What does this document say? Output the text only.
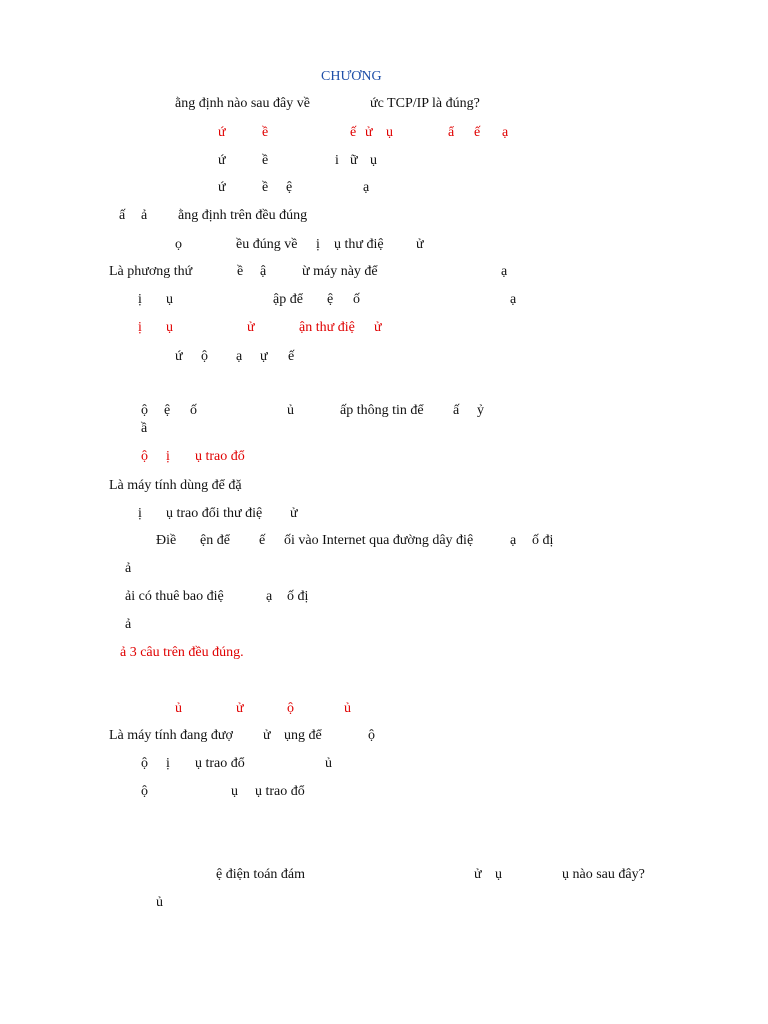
CHƯƠNG
ằng định nào sau đây về	ức TCP/IP là đúng?
ứ	ề	ế ử ụ	ẩ ế ạ
ứ	ề	i ữ ụ
ứ	ề ệ	ạ
ấ ả ằng định trên đều đúng
ọ	ều đúng về ị ụ thư điệ ử
Là phương thứ	ề ậ	ừ máy này để	ạ
ị ụ	ập để ệ ố	ạ
ị ụ	ử	ận thư điệ ử
ứ ộ ạ ự ế
ộ ệ ố	ủ	ấp thông tin để ấ ỷ
ầ
ộ ị ụ trao đổ
Là máy tính dùng để đặ
ị ụ trao đổi thư điệ ử
Điề ện để ế ối vào Internet qua đường dây điệ	ạ ố đị
ả
ải có thuê bao điệ	ạ ố đị
ả
ả 3 câu trên đều đúng.
ủ	ử	ộ	ủ
Là máy tính đang đượ ử ụng để	ộ
ộ ị ụ trao đổ	ủ
ộ	ụ ụ trao đổ
ệ điện toán đám	ử ụ	ụ nào sau đây?
ủ
